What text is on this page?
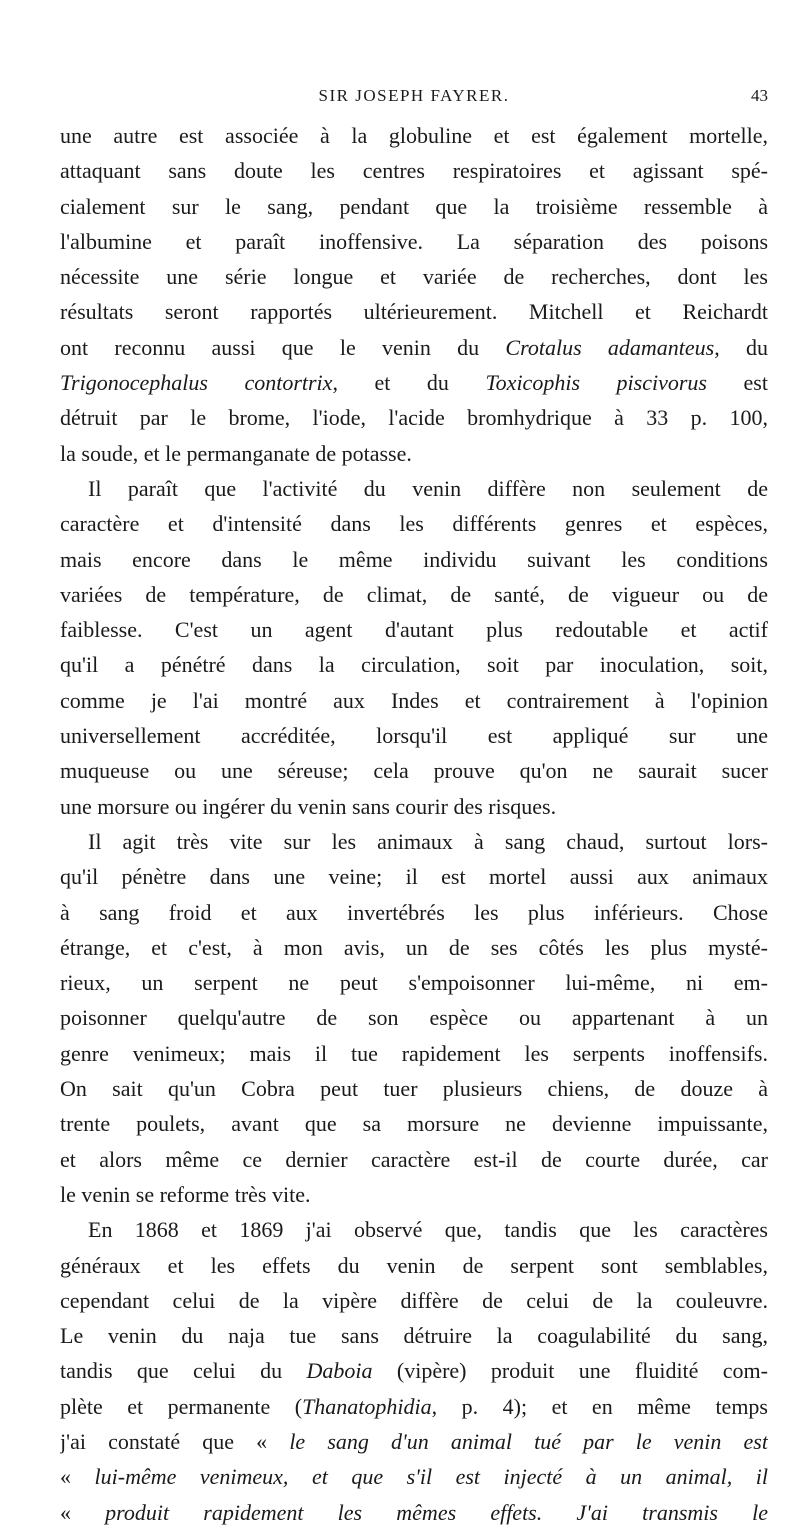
SIR JOSEPH FAYRER.	43
une autre est associée à la globuline et est également mortelle,
attaquant sans doute les centres respiratoires et agissant spé-
cialement sur le sang, pendant que la troisième ressemble à
l'albumine et paraît inoffensive. La séparation des poisons
nécessite une série longue et variée de recherches, dont les
résultats seront rapportés ultérieurement. Mitchell et Reichardt
ont reconnu aussi que le venin du Crotalus adamanteus, du
Trigonocephalus contortrix, et du Toxicophis piscivorus est
détruit par le brome, l'iode, l'acide bromhydrique à 33 p. 100,
la soude, et le permanganate de potasse.
Il paraît que l'activité du venin diffère non seulement de
caractère et d'intensité dans les différents genres et espèces,
mais encore dans le même individu suivant les conditions
variées de température, de climat, de santé, de vigueur ou de
faiblesse. C'est un agent d'autant plus redoutable et actif
qu'il a pénétré dans la circulation, soit par inoculation, soit,
comme je l'ai montré aux Indes et contrairement à l'opinion
universellement accréditée, lorsqu'il est appliqué sur une
muqueuse ou une séreuse; cela prouve qu'on ne saurait sucer
une morsure ou ingérer du venin sans courir des risques.
Il agit très vite sur les animaux à sang chaud, surtout lors-
qu'il pénètre dans une veine; il est mortel aussi aux animaux
à sang froid et aux invertébrés les plus inférieurs. Chose
étrange, et c'est, à mon avis, un de ses côtés les plus mysté-
rieux, un serpent ne peut s'empoisonner lui-même, ni em-
poisonner quelqu'autre de son espèce ou appartenant à un
genre venimeux; mais il tue rapidement les serpents inoffensifs.
On sait qu'un Cobra peut tuer plusieurs chiens, de douze à
trente poulets, avant que sa morsure ne devienne impuissante,
et alors même ce dernier caractère est-il de courte durée, car
le venin se reforme très vite.
En 1868 et 1869 j'ai observé que, tandis que les caractères
généraux et les effets du venin de serpent sont semblables,
cependant celui de la vipère diffère de celui de la couleuvre.
Le venin du naja tue sans détruire la coagulabilité du sang,
tandis que celui du Daboia (vipère) produit une fluidité com-
plète et permanente (Thanatophidia, p. 4); et en même temps
j'ai constaté que « le sang d'un animal tué par le venin est
« lui-même venimeux, et que s'il est injecté à un animal, il
« produit rapidement les mêmes effets. J'ai transmis le
